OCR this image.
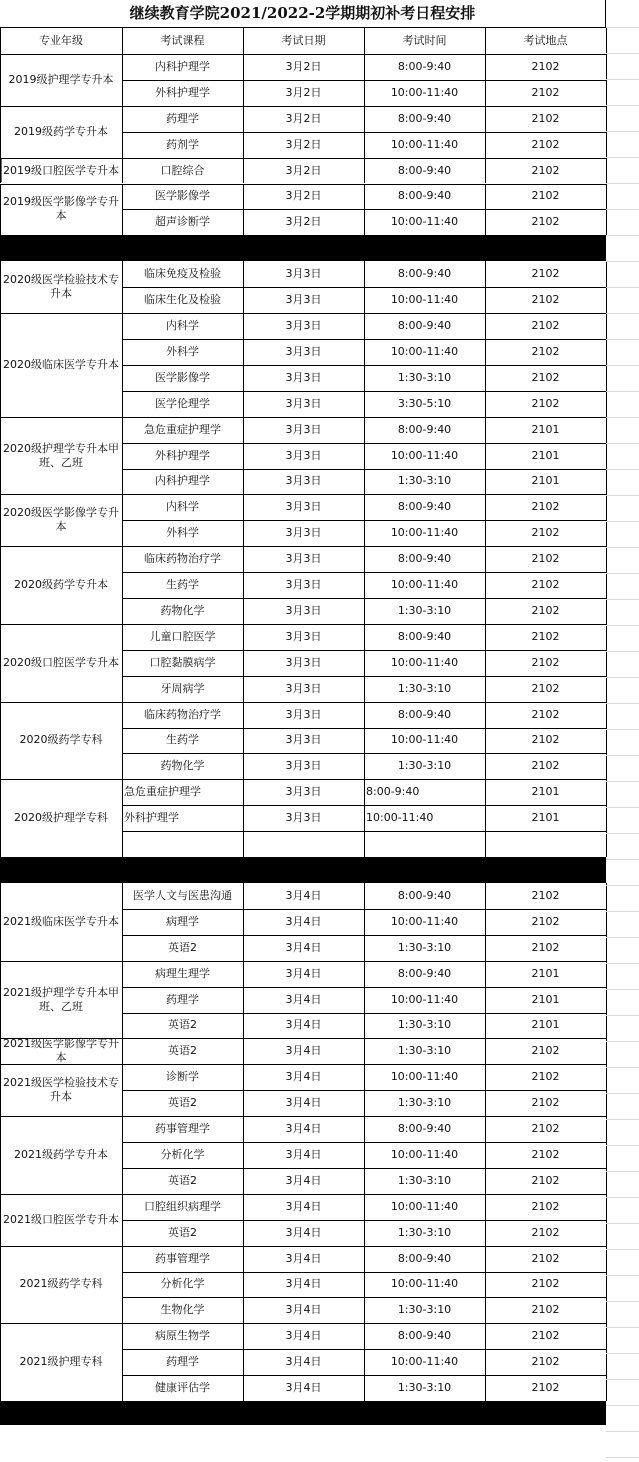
继续教育学院2021/2022-2学期期初补考日程安排
专业年级	考试课程	考试日期	考试时间	考试地点
2019级护理学专升本
内科护理学	3月2日	8:00-9:40	2102
外科护理学	3月2日	10:00-11:40	2102
2019级药学专升本
药理学	3月2日	8:00-9:40	2102
药剂学	3月2日	10:00-11:40	2102
2019级口腔医学专升本	口腔综合	3月2日	8:00-9:40	2102
2019级医学影像学专升本
医学影像学	3月2日	8:00-9:40	2102
超声诊断学	3月2日	10:00-11:40	2102
2020级医学检验技术专升本
临床免疫及检验	3月3日	8:00-9:40	2102
临床生化及检验	3月3日	10:00-11:40	2102
2020级临床医学专升本
内科学	3月3日	8:00-9:40	2102
外科学	3月3日	10:00-11:40	2102
医学影像学	3月3日	1:30-3:10	2102
医学伦理学	3月3日	3:30-5:10	2102
2020级护理学专升本甲班、乙班
急危重症护理学	3月3日	8:00-9:40	2101
外科护理学	3月3日	10:00-11:40	2101
内科护理学	3月3日	1:30-3:10	2101
2020级医学影像学专升本
内科学	3月3日	8:00-9:40	2102
外科学	3月3日	10:00-11:40	2102
2020级药学专升本
临床药物治疗学	3月3日	8:00-9:40	2102
生药学	3月3日	10:00-11:40	2102
药物化学	3月3日	1:30-3:10	2102
2020级口腔医学专升本
儿童口腔医学	3月3日	8:00-9:40	2102
口腔黏膜病学	3月3日	10:00-11:40	2102
牙周病学	3月3日	1:30-3:10	2102
2020级药学专科
临床药物治疗学	3月3日	8:00-9:40	2102
生药学	3月3日	10:00-11:40	2102
药物化学	3月3日	1:30-3:10	2102
2020级护理学专科
急危重症护理学	3月3日	8:00-9:40	2101
外科护理学	3月3日	10:00-11:40	2101
2021级临床医学专升本
医学人文与医患沟通	3月4日	8:00-9:40	2102
病理学	3月4日	10:00-11:40	2102
英语2	3月4日	1:30-3:10	2102
2021级护理学专升本甲班、乙班
病理生理学	3月4日	8:00-9:40	2101
药理学	3月4日	10:00-11:40	2101
英语2	3月4日	1:30-3:10	2101
2021级医学影像学专升本
英语2	3月4日	1:30-3:10	2102
2021级医学检验技术专升本
诊断学	3月4日	10:00-11:40	2102
英语2	3月4日	1:30-3:10	2102
2021级药学专升本
药事管理学	3月4日	8:00-9:40	2102
分析化学	3月4日	10:00-11:40	2102
英语2	3月4日	1:30-3:10	2102
2021级口腔医学专升本
口腔组织病理学	3月4日	10:00-11:40	2102
英语2	3月4日	1:30-3:10	2102
2021级药学专科
药事管理学	3月4日	8:00-9:40	2102
分析化学	3月4日	10:00-11:40	2102
生物化学	3月4日	1:30-3:10	2102
2021级护理专科
病原生物学	3月4日	8:00-9:40	2102
药理学	3月4日	10:00-11:40	2102
健康评估学	3月4日	1:30-3:10	2102
